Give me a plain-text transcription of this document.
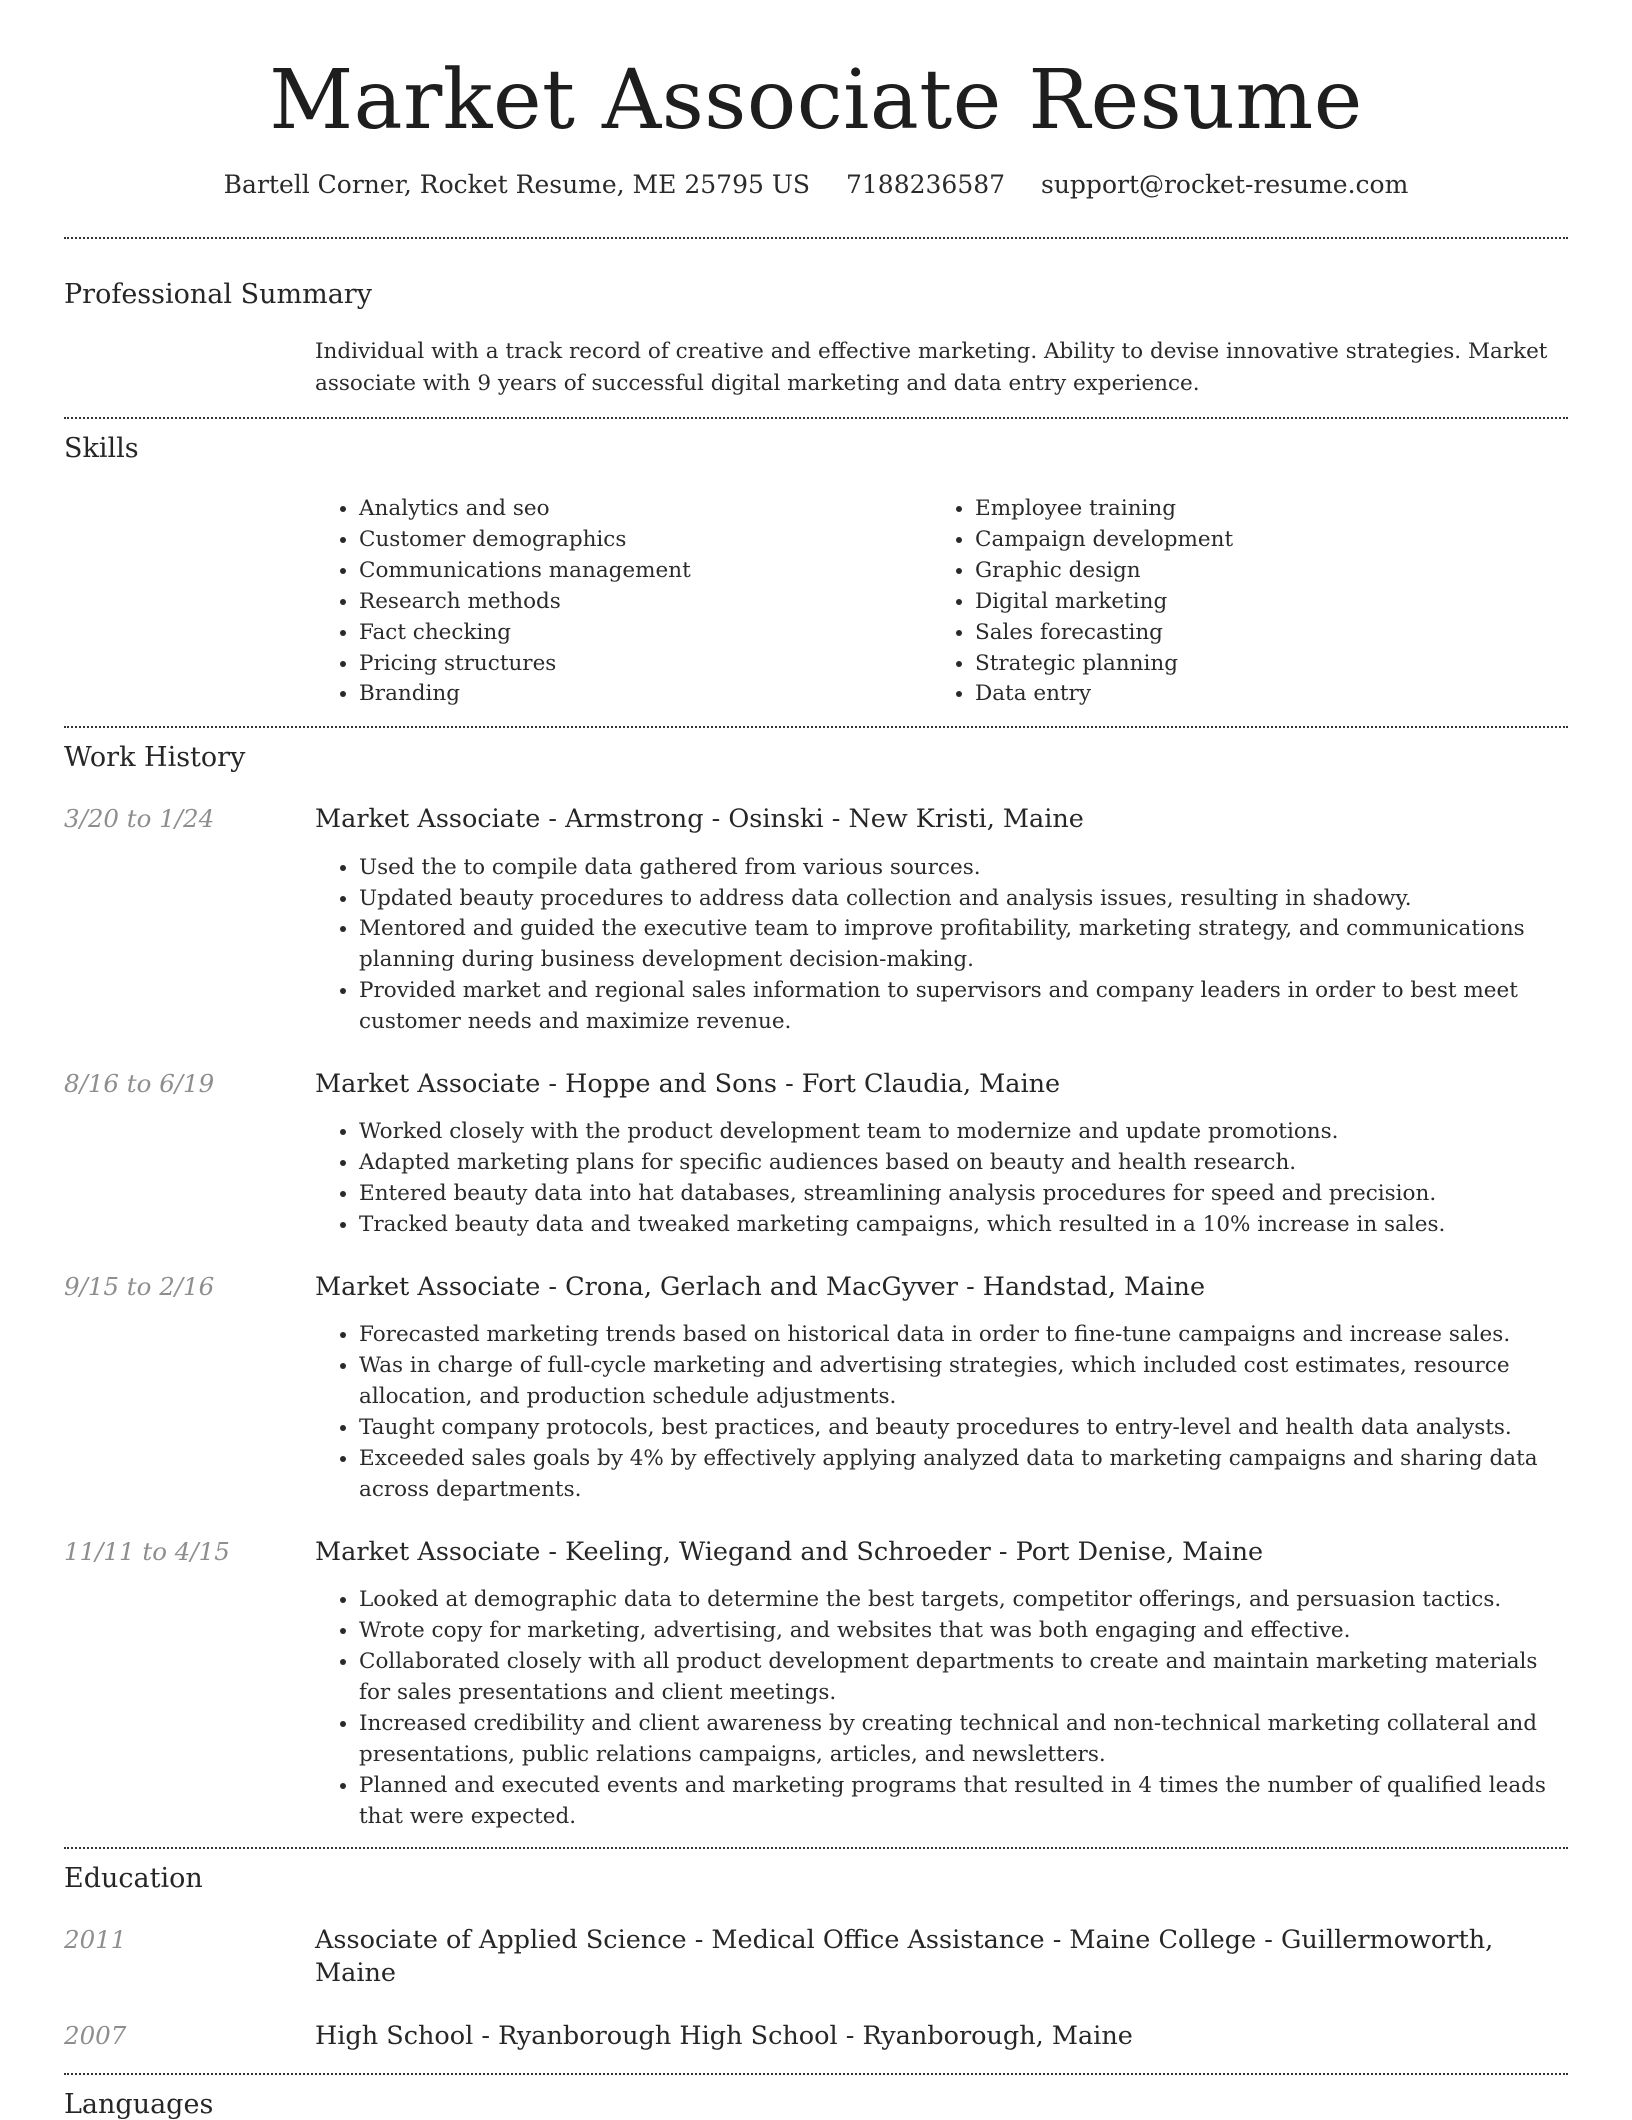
Market Associate Resume
Bartell Corner, Rocket Resume, ME 25795 US 7188236587 support@rocket-resume.com
Professional Summary
Individual with a track record of creative and effective marketing. Ability to devise innovative strategies. Market associate with 9 years of successful digital marketing and data entry experience.
Skills
• Analytics and seo
• Customer demographics
• Communications management
• Research methods
• Fact checking
• Pricing structures
• Branding
• Employee training
• Campaign development
• Graphic design
• Digital marketing
• Sales forecasting
• Strategic planning
• Data entry
Work History
3/20 to 1/24	Market Associate - Armstrong - Osinski - New Kristi, Maine
• Used the to compile data gathered from various sources.
• Updated beauty procedures to address data collection and analysis issues, resulting in shadowy.
• Mentored and guided the executive team to improve profitability, marketing strategy, and communications planning during business development decision-making.
• Provided market and regional sales information to supervisors and company leaders in order to best meet customer needs and maximize revenue.
8/16 to 6/19	Market Associate - Hoppe and Sons - Fort Claudia, Maine
• Worked closely with the product development team to modernize and update promotions.
• Adapted marketing plans for specific audiences based on beauty and health research.
• Entered beauty data into hat databases, streamlining analysis procedures for speed and precision.
• Tracked beauty data and tweaked marketing campaigns, which resulted in a 10% increase in sales.
9/15 to 2/16	Market Associate - Crona, Gerlach and MacGyver - Handstad, Maine
• Forecasted marketing trends based on historical data in order to fine-tune campaigns and increase sales.
• Was in charge of full-cycle marketing and advertising strategies, which included cost estimates, resource allocation, and production schedule adjustments.
• Taught company protocols, best practices, and beauty procedures to entry-level and health data analysts.
• Exceeded sales goals by 4% by effectively applying analyzed data to marketing campaigns and sharing data across departments.
11/11 to 4/15	Market Associate - Keeling, Wiegand and Schroeder - Port Denise, Maine
• Looked at demographic data to determine the best targets, competitor offerings, and persuasion tactics.
• Wrote copy for marketing, advertising, and websites that was both engaging and effective.
• Collaborated closely with all product development departments to create and maintain marketing materials for sales presentations and client meetings.
• Increased credibility and client awareness by creating technical and non-technical marketing collateral and presentations, public relations campaigns, articles, and newsletters.
• Planned and executed events and marketing programs that resulted in 4 times the number of qualified leads that were expected.
Education
2011	Associate of Applied Science - Medical Office Assistance - Maine College - Guillermoworth, Maine
2007	High School - Ryanborough High School - Ryanborough, Maine
Languages
